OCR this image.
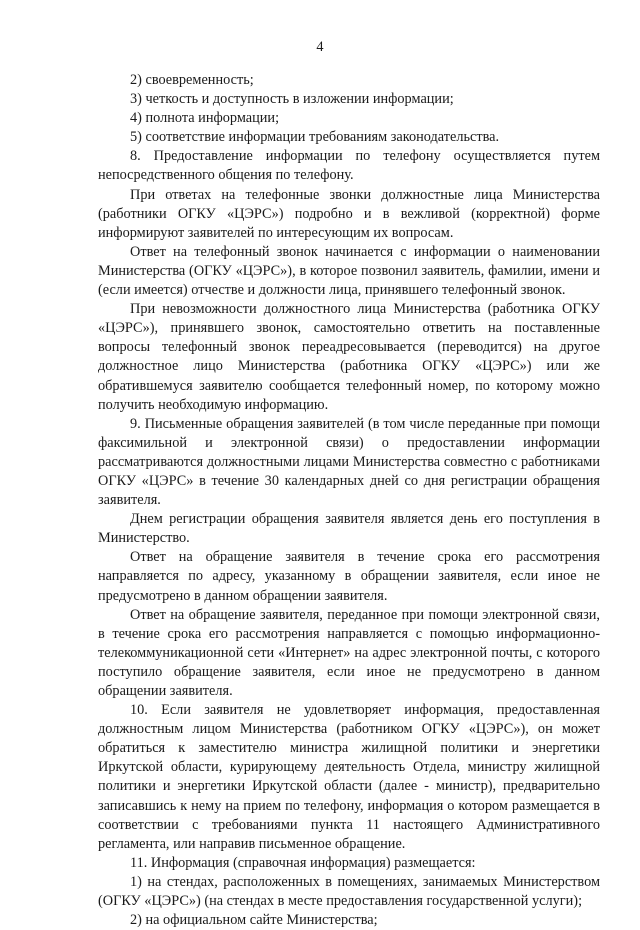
4

2) своевременность;

3) четкость и доступность в изложении информации;

4) полнота информации;

5) соответствие информации требованиям законодательства.

8. Предоставление информации по телефону осуществляется путем непосредственного общения по телефону.

При ответах на телефонные звонки должностные лица Министерства (работники ОГКУ «ЦЭРС») подробно и в вежливой (корректной) форме информируют заявителей по интересующим их вопросам.

Ответ на телефонный звонок начинается с информации о наименовании Министерства (ОГКУ «ЦЭРС»), в которое позвонил заявитель, фамилии, имени и (если имеется) отчестве и должности лица, принявшего телефонный звонок.

При невозможности должностного лица Министерства (работника ОГКУ «ЦЭРС»), принявшего звонок, самостоятельно ответить на поставленные вопросы телефонный звонок переадресовывается (переводится) на другое должностное лицо Министерства (работника ОГКУ «ЦЭРС») или же обратившемуся заявителю сообщается телефонный номер, по которому можно получить необходимую информацию.

9. Письменные обращения заявителей (в том числе переданные при помощи факсимильной и электронной связи) о предоставлении информации рассматриваются должностными лицами Министерства совместно с работниками ОГКУ «ЦЭРС» в течение 30 календарных дней со дня регистрации обращения заявителя.

Днем регистрации обращения заявителя является день его поступления в Министерство.

Ответ на обращение заявителя в течение срока его рассмотрения направляется по адресу, указанному в обращении заявителя, если иное не предусмотрено в данном обращении заявителя.

Ответ на обращение заявителя, переданное при помощи электронной связи, в течение срока его рассмотрения направляется с помощью информационно-телекоммуникационной сети «Интернет» на адрес электронной почты, с которого поступило обращение заявителя, если иное не предусмотрено в данном обращении заявителя.

10. Если заявителя не удовлетворяет информация, предоставленная должностным лицом Министерства (работником ОГКУ «ЦЭРС»), он может обратиться к заместителю министра жилищной политики и энергетики Иркутской области, курирующему деятельность Отдела, министру жилищной политики и энергетики Иркутской области (далее - министр), предварительно записавшись к нему на прием по телефону, информация о котором размещается в соответствии с требованиями пункта 11 настоящего Административного регламента, или направив письменное обращение.

11. Информация (справочная информация) размещается:

1) на стендах, расположенных в помещениях, занимаемых Министерством (ОГКУ «ЦЭРС») (на стендах в месте предоставления государственной услуги);

2) на официальном сайте Министерства;
